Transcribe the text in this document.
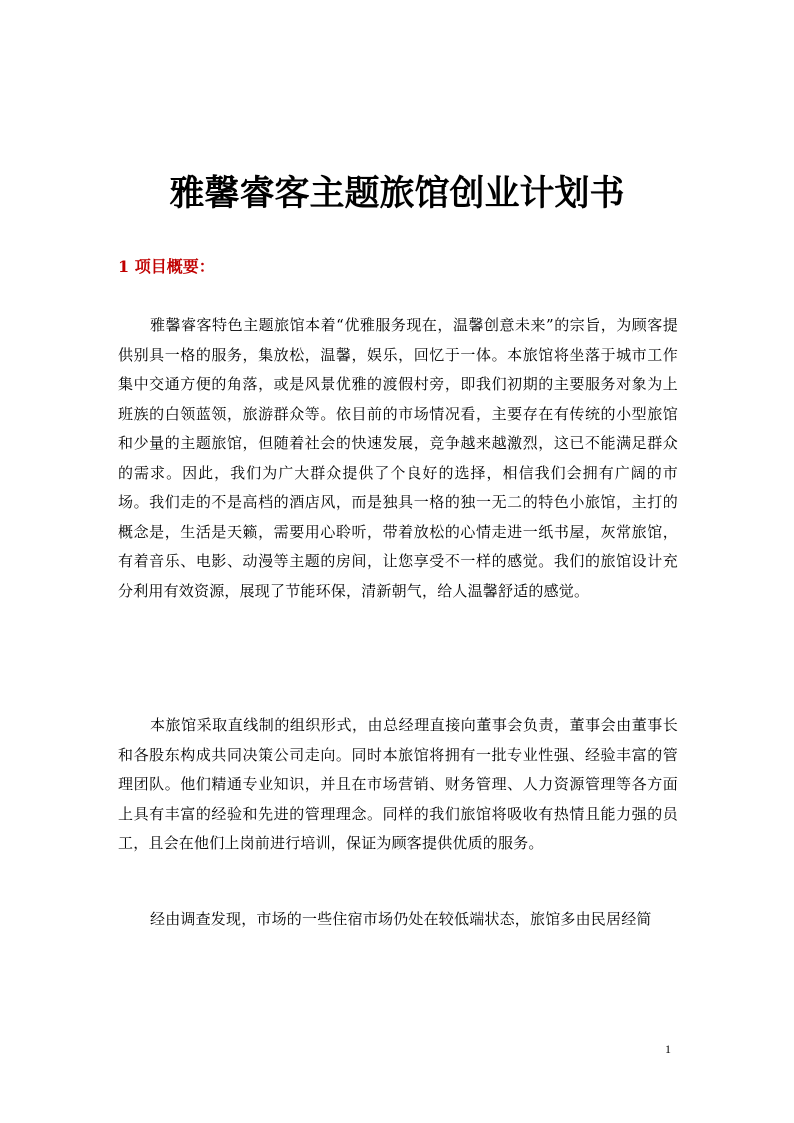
雅馨睿客主题旅馆创业计划书
1 项目概要：

雅馨睿客特色主题旅馆本着“优雅服务现在，温馨创意未来”的宗旨，为顾客提供别具一格的服务，集放松，温馨，娱乐，回忆于一体。本旅馆将坐落于城市工作集中交通方便的角落，或是风景优雅的渡假村旁，即我们初期的主要服务对象为上班族的白领蓝领，旅游群众等。依目前的市场情况看，主要存在有传统的小型旅馆和少量的主题旅馆，但随着社会的快速发展，竞争越来越激烈，这已不能满足群众的需求。因此，我们为广大群众提供了个良好的选择，相信我们会拥有广阔的市场。我们走的不是高档的酒店风，而是独具一格的独一无二的特色小旅馆，主打的概念是，生活是天籁，需要用心聆听，带着放松的心情走进一纸书屋，灰常旅馆，有着音乐、电影、动漫等主题的房间，让您享受不一样的感觉。我们的旅馆设计充分利用有效资源，展现了节能环保，清新朝气，给人温馨舒适的感觉。

本旅馆采取直线制的组织形式，由总经理直接向董事会负责，董事会由董事长和各股东构成共同决策公司走向。同时本旅馆将拥有一批专业性强、经验丰富的管理团队。他们精通专业知识，并且在市场营销、财务管理、人力资源管理等各方面上具有丰富的经验和先进的管理理念。同样的我们旅馆将吸收有热情且能力强的员工，且会在他们上岗前进行培训，保证为顾客提供优质的服务。

经由调查发现，市场的一些住宿市场仍处在较低端状态，旅馆多由民居经简

1
